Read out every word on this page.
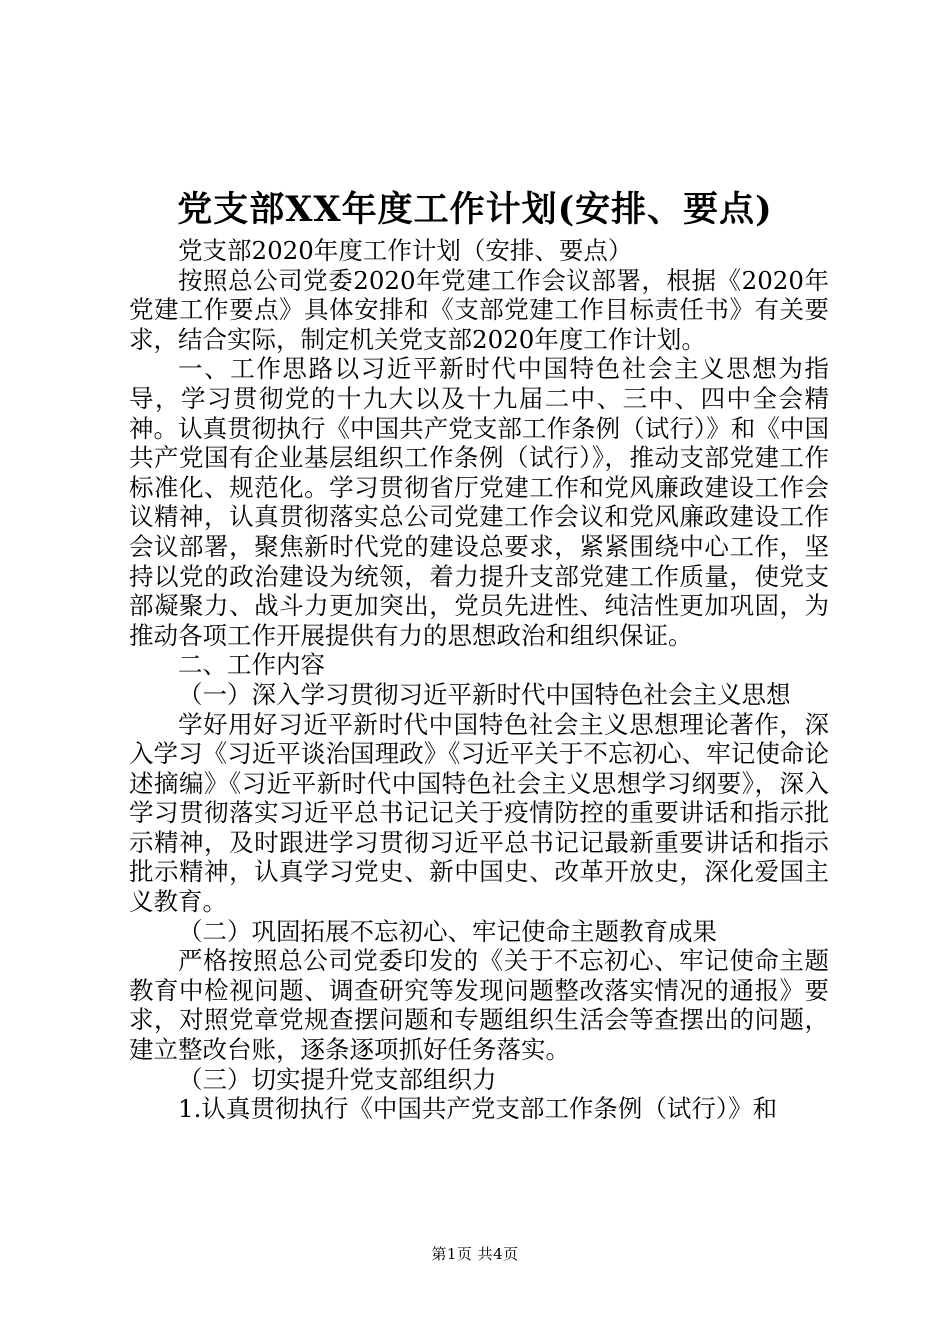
党支部XX年度工作计划(安排、要点)

党支部2020年度工作计划（安排、要点）

按照总公司党委2020年党建工作会议部署，根据《2020年党建工作要点》具体安排和《支部党建工作目标责任书》有关要求，结合实际，制定机关党支部2020年度工作计划。

一、工作思路以习近平新时代中国特色社会主义思想为指导，学习贯彻党的十九大以及十九届二中、三中、四中全会精神。认真贯彻执行《中国共产党支部工作条例（试行）》和《中国共产党国有企业基层组织工作条例（试行）》，推动支部党建工作标准化、规范化。学习贯彻省厅党建工作和党风廉政建设工作会议精神，认真贯彻落实总公司党建工作会议和党风廉政建设工作会议部署，聚焦新时代党的建设总要求，紧紧围绕中心工作，坚持以党的政治建设为统领，着力提升支部党建工作质量，使党支部凝聚力、战斗力更加突出，党员先进性、纯洁性更加巩固，为推动各项工作开展提供有力的思想政治和组织保证。

二、工作内容

（一）深入学习贯彻习近平新时代中国特色社会主义思想

学好用好习近平新时代中国特色社会主义思想理论著作，深入学习《习近平谈治国理政》《习近平关于不忘初心、牢记使命论述摘编》《习近平新时代中国特色社会主义思想学习纲要》，深入学习贯彻落实习近平总书记记关于疫情防控的重要讲话和指示批示精神，及时跟进学习贯彻习近平总书记记最新重要讲话和指示批示精神，认真学习党史、新中国史、改革开放史，深化爱国主义教育。

（二）巩固拓展不忘初心、牢记使命主题教育成果

严格按照总公司党委印发的《关于不忘初心、牢记使命主题教育中检视问题、调查研究等发现问题整改落实情况的通报》要求，对照党章党规查摆问题和专题组织生活会等查摆出的问题，建立整改台账，逐条逐项抓好任务落实。

（三）切实提升党支部组织力

1.认真贯彻执行《中国共产党支部工作条例（试行）》和

第1页 共4页
